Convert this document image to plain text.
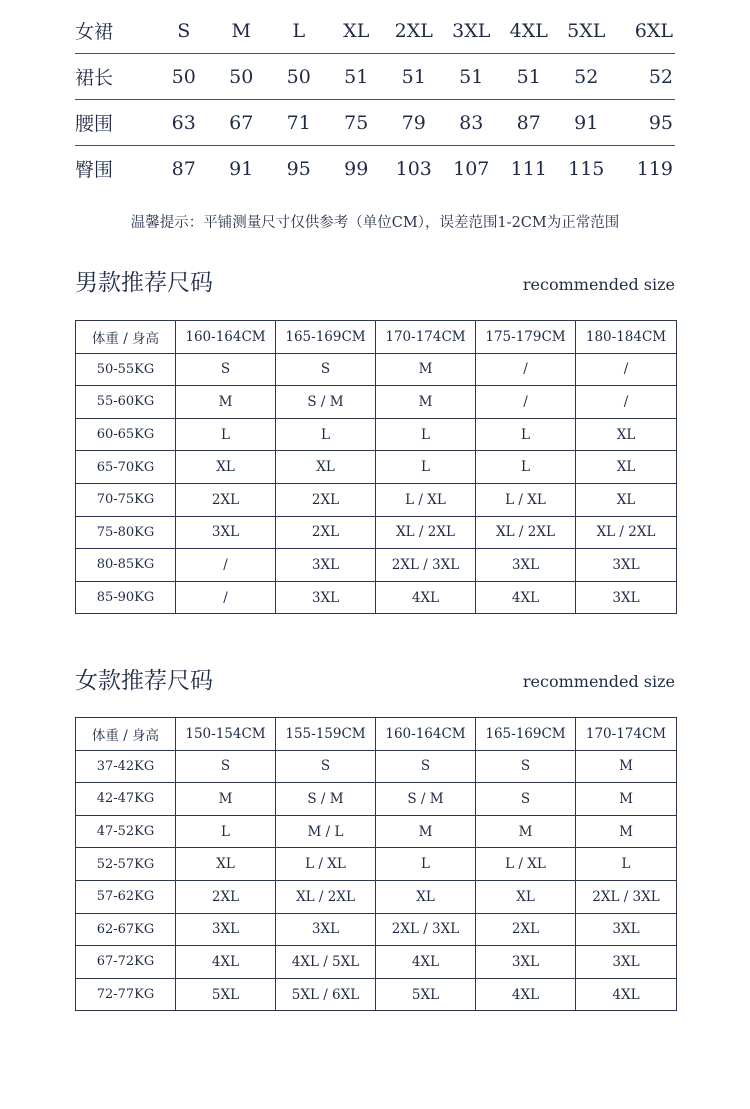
女裙	S	M	L	XL	2XL	3XL	4XL	5XL	6XL
裙长	50	50	50	51	51	51	51	52	52
腰围	63	67	71	75	79	83	87	91	95
臀围	87	91	95	99	103	107	111	115	119
温馨提示：平铺测量尺寸仅供参考（单位CM），误差范围1-2CM为正常范围
男款推荐尺码	recommended size
体重 / 身高	160-164CM	165-169CM	170-174CM	175-179CM	180-184CM
50-55KG	S	S	M	/	/
55-60KG	M	S / M	M	/	/
60-65KG	L	L	L	L	XL
65-70KG	XL	XL	L	L	XL
70-75KG	2XL	2XL	L / XL	L / XL	XL
75-80KG	3XL	2XL	XL / 2XL	XL / 2XL	XL / 2XL
80-85KG	/	3XL	2XL / 3XL	3XL	3XL
85-90KG	/	3XL	4XL	4XL	3XL
女款推荐尺码	recommended size
体重 / 身高	150-154CM	155-159CM	160-164CM	165-169CM	170-174CM
37-42KG	S	S	S	S	M
42-47KG	M	S / M	S / M	S	M
47-52KG	L	M / L	M	M	M
52-57KG	XL	L / XL	L	L / XL	L
57-62KG	2XL	XL / 2XL	XL	XL	2XL / 3XL
62-67KG	3XL	3XL	2XL / 3XL	2XL	3XL
67-72KG	4XL	4XL / 5XL	4XL	3XL	3XL
72-77KG	5XL	5XL / 6XL	5XL	4XL	4XL
